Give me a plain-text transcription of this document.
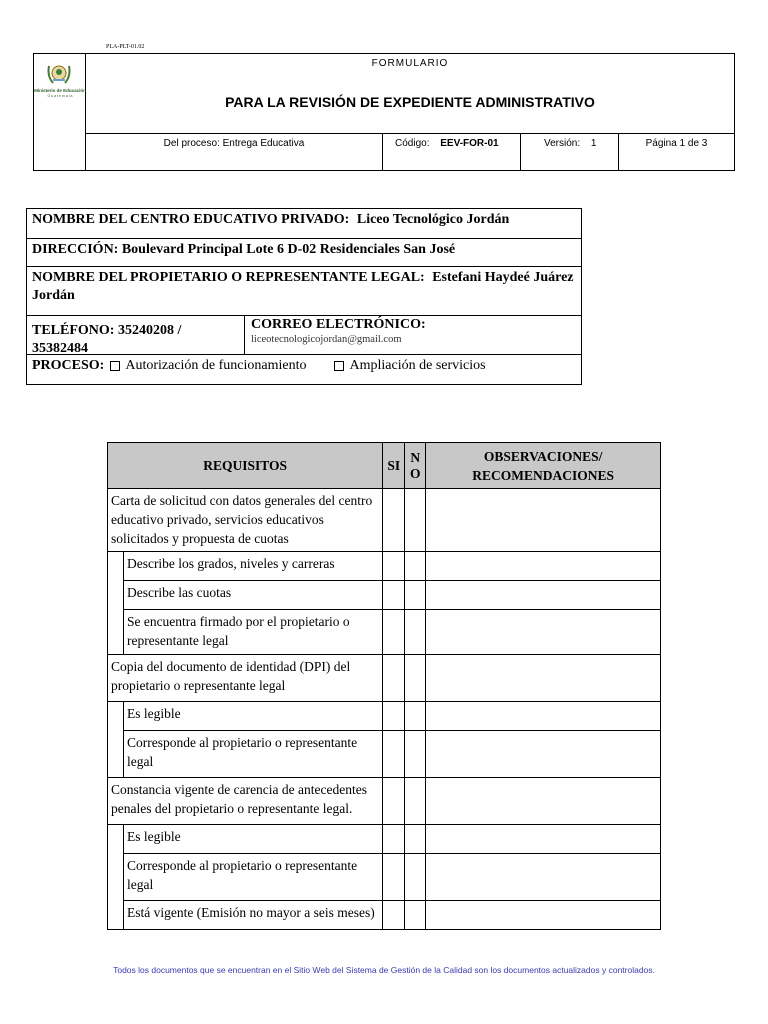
PLA-PLT-01.02
Ministerio de Educación
G u a t e m a l a
FORMULARIO
PARA LA REVISIÓN DE EXPEDIENTE ADMINISTRATIVO
Del proceso: Entrega Educativa	Código: EEV-FOR-01	Versión: 1	Página 1 de 3
NOMBRE DEL CENTRO EDUCATIVO PRIVADO: Liceo Tecnológico Jordán
DIRECCIÓN: Boulevard Principal Lote 6 D-02 Residenciales San José
NOMBRE DEL PROPIETARIO O REPRESENTANTE LEGAL: Estefani Haydeé Juárez Jordán
TELÉFONO: 35240208 / 35382484
CORREO ELECTRÓNICO:
liceotecnologicojordan@gmail.com
PROCESO: Autorización de funcionamiento	Ampliación de servicios
REQUISITOS		SI	N O	OBSERVACIONES/ RECOMENDACIONES
Carta de solicitud con datos generales del centro educativo privado, servicios educativos solicitados y propuesta de cuotas				
	Describe los grados, niveles y carreras			
	Describe las cuotas			
	Se encuentra firmado por el propietario o representante legal			
Copia del documento de identidad (DPI) del propietario o representante legal				
	Es legible			
	Corresponde al propietario o representante legal			
Constancia vigente de carencia de antecedentes penales del propietario o representante legal.				
	Es legible			
	Corresponde al propietario o representante legal			
	Está vigente (Emisión no mayor a seis meses)			
Todos los documentos que se encuentran en el Sitio Web del Sistema de Gestión de la Calidad son los documentos actualizados y controlados.
